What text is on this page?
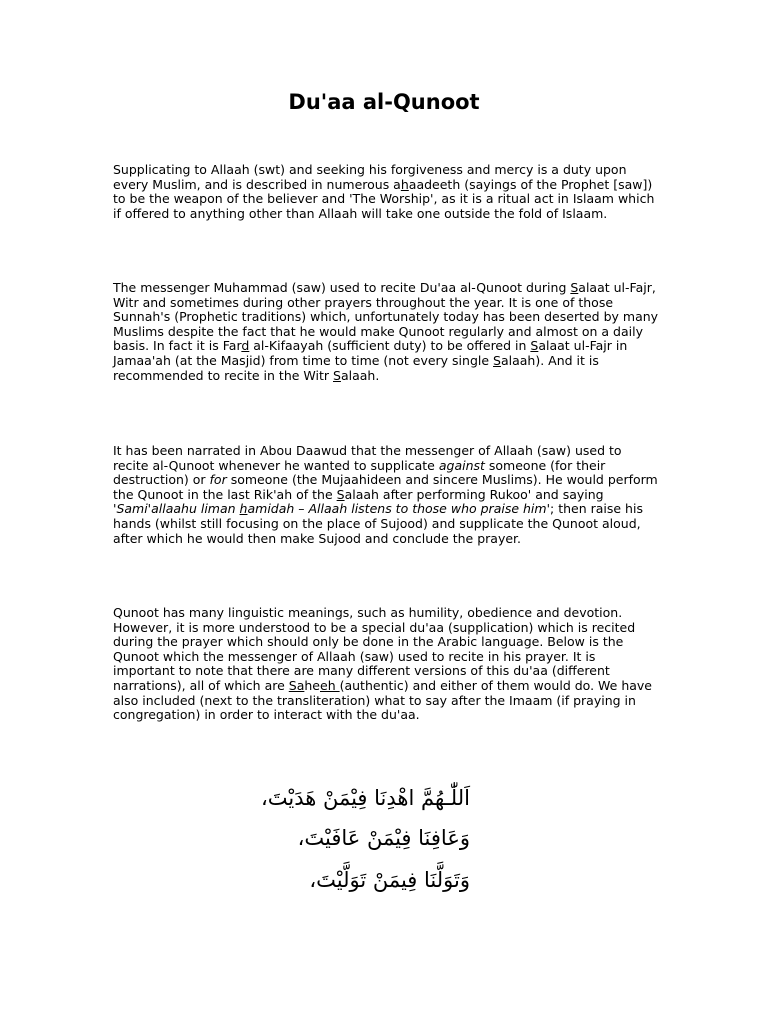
Du'aa al-Qunoot

Supplicating to Allaah (swt) and seeking his forgiveness and mercy is a duty upon every Muslim, and is described in numerous ahaadeeth (sayings of the Prophet [saw]) to be the weapon of the believer and 'The Worship', as it is a ritual act in Islaam which if offered to anything other than Allaah will take one outside the fold of Islaam.

The messenger Muhammad (saw) used to recite Du'aa al-Qunoot during Salaat ul-Fajr, Witr and sometimes during other prayers throughout the year. It is one of those Sunnah's (Prophetic traditions) which, unfortunately today has been deserted by many Muslims despite the fact that he would make Qunoot regularly and almost on a daily basis. In fact it is Fard al-Kifaayah (sufficient duty) to be offered in Salaat ul-Fajr in Jamaa'ah (at the Masjid) from time to time (not every single Salaah). And it is recommended to recite in the Witr Salaah.

It has been narrated in Abou Daawud that the messenger of Allaah (saw) used to recite al-Qunoot whenever he wanted to supplicate against someone (for their destruction) or for someone (the Mujaahideen and sincere Muslims). He would perform the Qunoot in the last Rik'ah of the Salaah after performing Rukoo' and saying 'Sami'allaahu liman hamidah – Allaah listens to those who praise him'; then raise his hands (whilst still focusing on the place of Sujood) and supplicate the Qunoot aloud, after which he would then make Sujood and conclude the prayer.

Qunoot has many linguistic meanings, such as humility, obedience and devotion. However, it is more understood to be a special du'aa (supplication) which is recited during the prayer which should only be done in the Arabic language. Below is the Qunoot which the messenger of Allaah (saw) used to recite in his prayer. It is important to note that there are many different versions of this du'aa (different narrations), all of which are Saheeh (authentic) and either of them would do. We have also included (next to the transliteration) what to say after the Imaam (if praying in congregation) in order to interact with the du'aa.

اَللّٰـهُمَّ اهْدِنَا فِيْمَنْ هَدَيْتَ،
وَعَافِنَا فِيْمَنْ عَافَيْتَ،
وَتَوَلَّنَا فِيمَنْ تَوَلَّيْتَ،
